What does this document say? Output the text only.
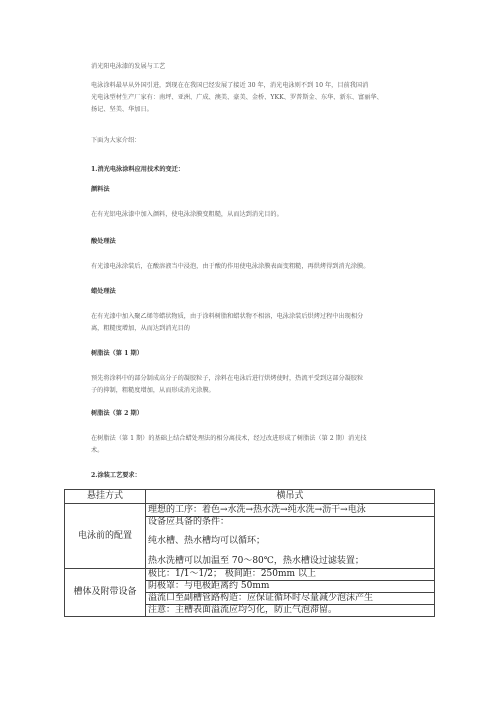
消光阳电泳漆的发展与工艺
电泳涂料最早从外国引进，到现在在我国已经发展了接近 30 年，消光电泳则不到 10 年，目前我国消
光电泳型材生产厂家有：南坪、亚洲、广成、澳美、豪美、金桥、YKK、罗普斯金、东华、新东、富丽华、
扬记、坚美、华加日。
下面为大家介绍：
1.消光电泳涂料应用技术的变迁：
颜料法
在有光铝电泳漆中加入颜料，使电泳涂膜变粗糙，从而达到消光目的。
酸处理法
有光漆电泳涂装后，在酸溶液当中浸泡，由于酸的作用使电泳涂膜表面变粗糙，再烘烤得到消光涂膜。
蜡处理法
在有光漆中加入聚乙烯等蜡状物质，由于涂料树脂和蜡状物不相溶，电泳涂装后烘烤过程中出现相分
离，粗糙度增加，从而达到消光目的
树脂法（第 1 期）
预先将涂料中的部分制成高分子的凝胶粒子，涂料在电泳后进行烘烤使时，热流平受到这部分凝胶粒
子的抑制，粗糙度增加，从而形成消光涂膜。
树脂法（第 2 期）
在树脂法（第 1 期）的基础上结合蜡处理法的相分离技术，经过改进形成了树脂法（第 2 期）消光技
术。
2.涂装工艺要求：
悬挂方式	横吊式
电泳前的配置	理想的工序：着色→水洗→热水洗→纯水洗→沥干→电泳
	设备应具备的条件：
	纯水槽、热水槽均可以循环；
	热水洗槽可以加温至 70～80℃，热水槽设过滤装置；
槽体及附带设备	极比：1/1～1/2； 极间距：250mm 以上
	阴极罩：与电极距离约 50mm
	溢流口至副槽管路构造：应保证循环时尽量减少泡沫产生
	注意：主槽表面溢流应均匀化，防止气泡滞留。
